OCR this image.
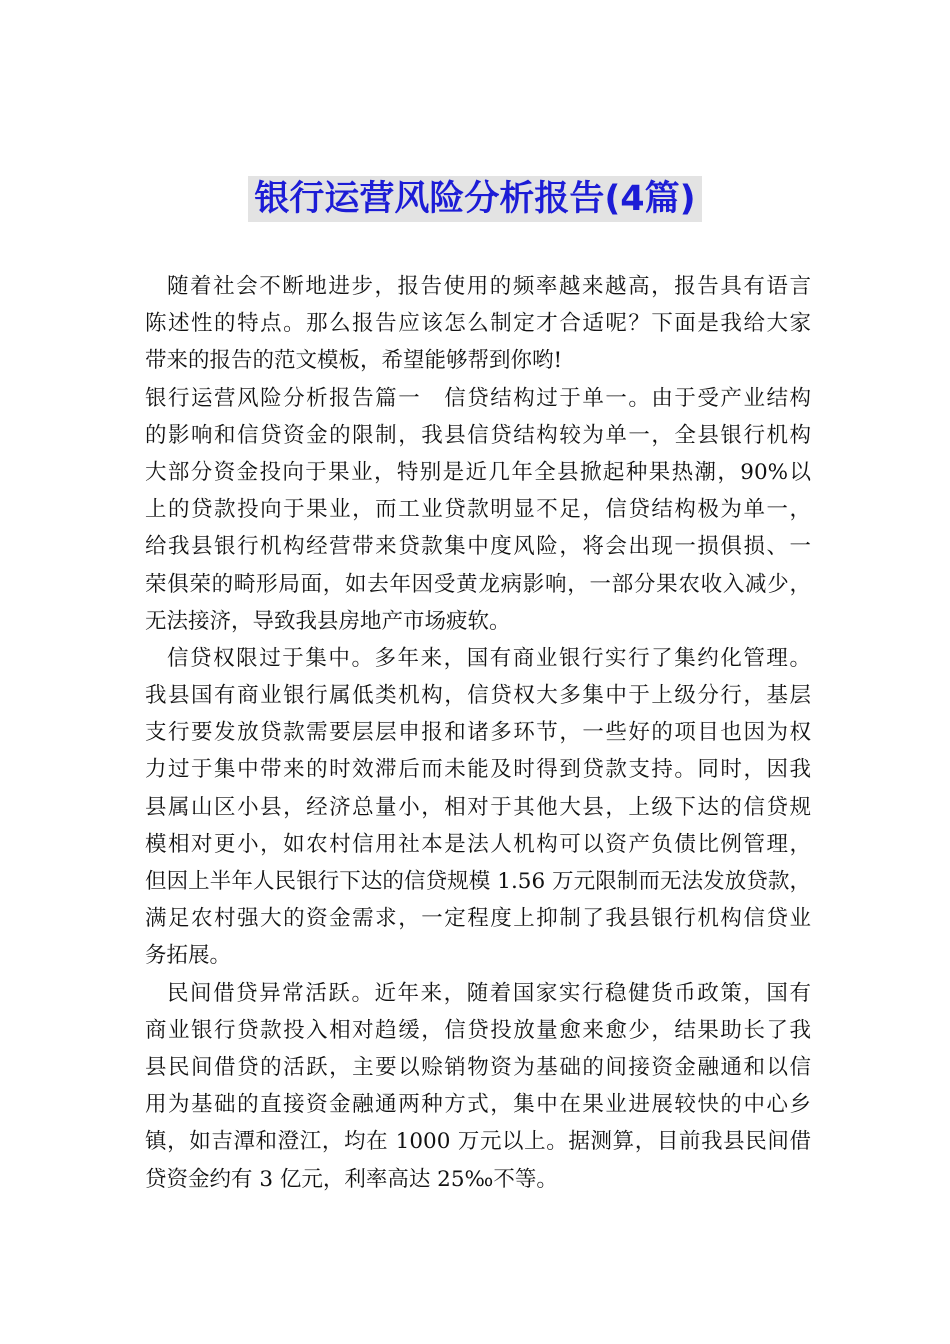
银行运营风险分析报告(4篇)
随着社会不断地进步，报告使用的频率越来越高，报告具有语言
陈述性的特点。那么报告应该怎么制定才合适呢？下面是我给大家
带来的报告的范文模板，希望能够帮到你哟!
银行运营风险分析报告篇一　信贷结构过于单一。由于受产业结构
的影响和信贷资金的限制，我县信贷结构较为单一，全县银行机构
大部分资金投向于果业，特别是近几年全县掀起种果热潮，90%以
上的贷款投向于果业，而工业贷款明显不足，信贷结构极为单一，
给我县银行机构经营带来贷款集中度风险，将会出现一损俱损、一
荣俱荣的畸形局面，如去年因受黄龙病影响，一部分果农收入减少，
无法接济，导致我县房地产市场疲软。
信贷权限过于集中。多年来，国有商业银行实行了集约化管理。
我县国有商业银行属低类机构，信贷权大多集中于上级分行，基层
支行要发放贷款需要层层申报和诸多环节，一些好的项目也因为权
力过于集中带来的时效滞后而未能及时得到贷款支持。同时，因我
县属山区小县，经济总量小，相对于其他大县，上级下达的信贷规
模相对更小，如农村信用社本是法人机构可以资产负债比例管理，
但因上半年人民银行下达的信贷规模 1.56 万元限制而无法发放贷款，
满足农村强大的资金需求，一定程度上抑制了我县银行机构信贷业
务拓展。
民间借贷异常活跃。近年来，随着国家实行稳健货币政策，国有
商业银行贷款投入相对趋缓，信贷投放量愈来愈少，结果助长了我
县民间借贷的活跃，主要以赊销物资为基础的间接资金融通和以信
用为基础的直接资金融通两种方式，集中在果业进展较快的中心乡
镇，如吉潭和澄江，均在 1000 万元以上。据测算，目前我县民间借
贷资金约有 3 亿元，利率高达 25‰不等。
